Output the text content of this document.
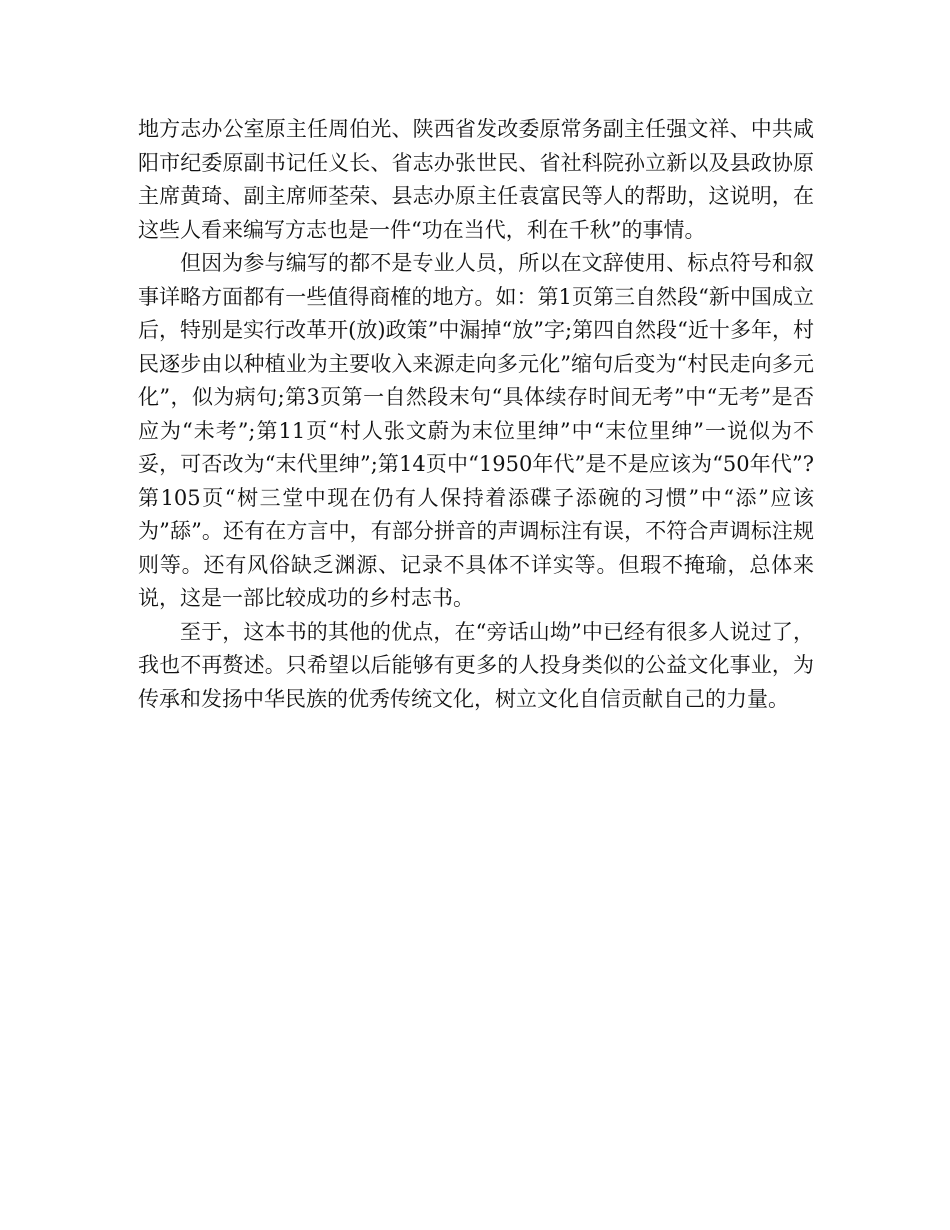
地方志办公室原主任周伯光、陕西省发改委原常务副主任强文祥、中共咸阳市纪委原副书记任义长、省志办张世民、省社科院孙立新以及县政协原主席黄琦、副主席师荃荣、县志办原主任袁富民等人的帮助，这说明，在这些人看来编写方志也是一件“功在当代，利在千秋”的事情。

但因为参与编写的都不是专业人员，所以在文辞使用、标点符号和叙事详略方面都有一些值得商榷的地方。如：第1页第三自然段“新中国成立后，特别是实行改革开(放)政策”中漏掉“放”字;第四自然段“近十多年，村民逐步由以种植业为主要收入来源走向多元化”缩句后变为“村民走向多元化”，似为病句;第3页第一自然段末句“具体续存时间无考”中“无考”是否应为“未考”;第11页“村人张文蔚为末位里绅”中“末位里绅”一说似为不妥，可否改为“末代里绅”;第14页中“1950年代”是不是应该为“50年代”?第105页“树三堂中现在仍有人保持着添碟子添碗的习惯”中“添”应该为”舔”。还有在方言中，有部分拼音的声调标注有误，不符合声调标注规则等。还有风俗缺乏渊源、记录不具体不详实等。但瑕不掩瑜，总体来说，这是一部比较成功的乡村志书。

至于，这本书的其他的优点，在“旁话山坳”中已经有很多人说过了，我也不再赘述。只希望以后能够有更多的人投身类似的公益文化事业，为传承和发扬中华民族的优秀传统文化，树立文化自信贡献自己的力量。
